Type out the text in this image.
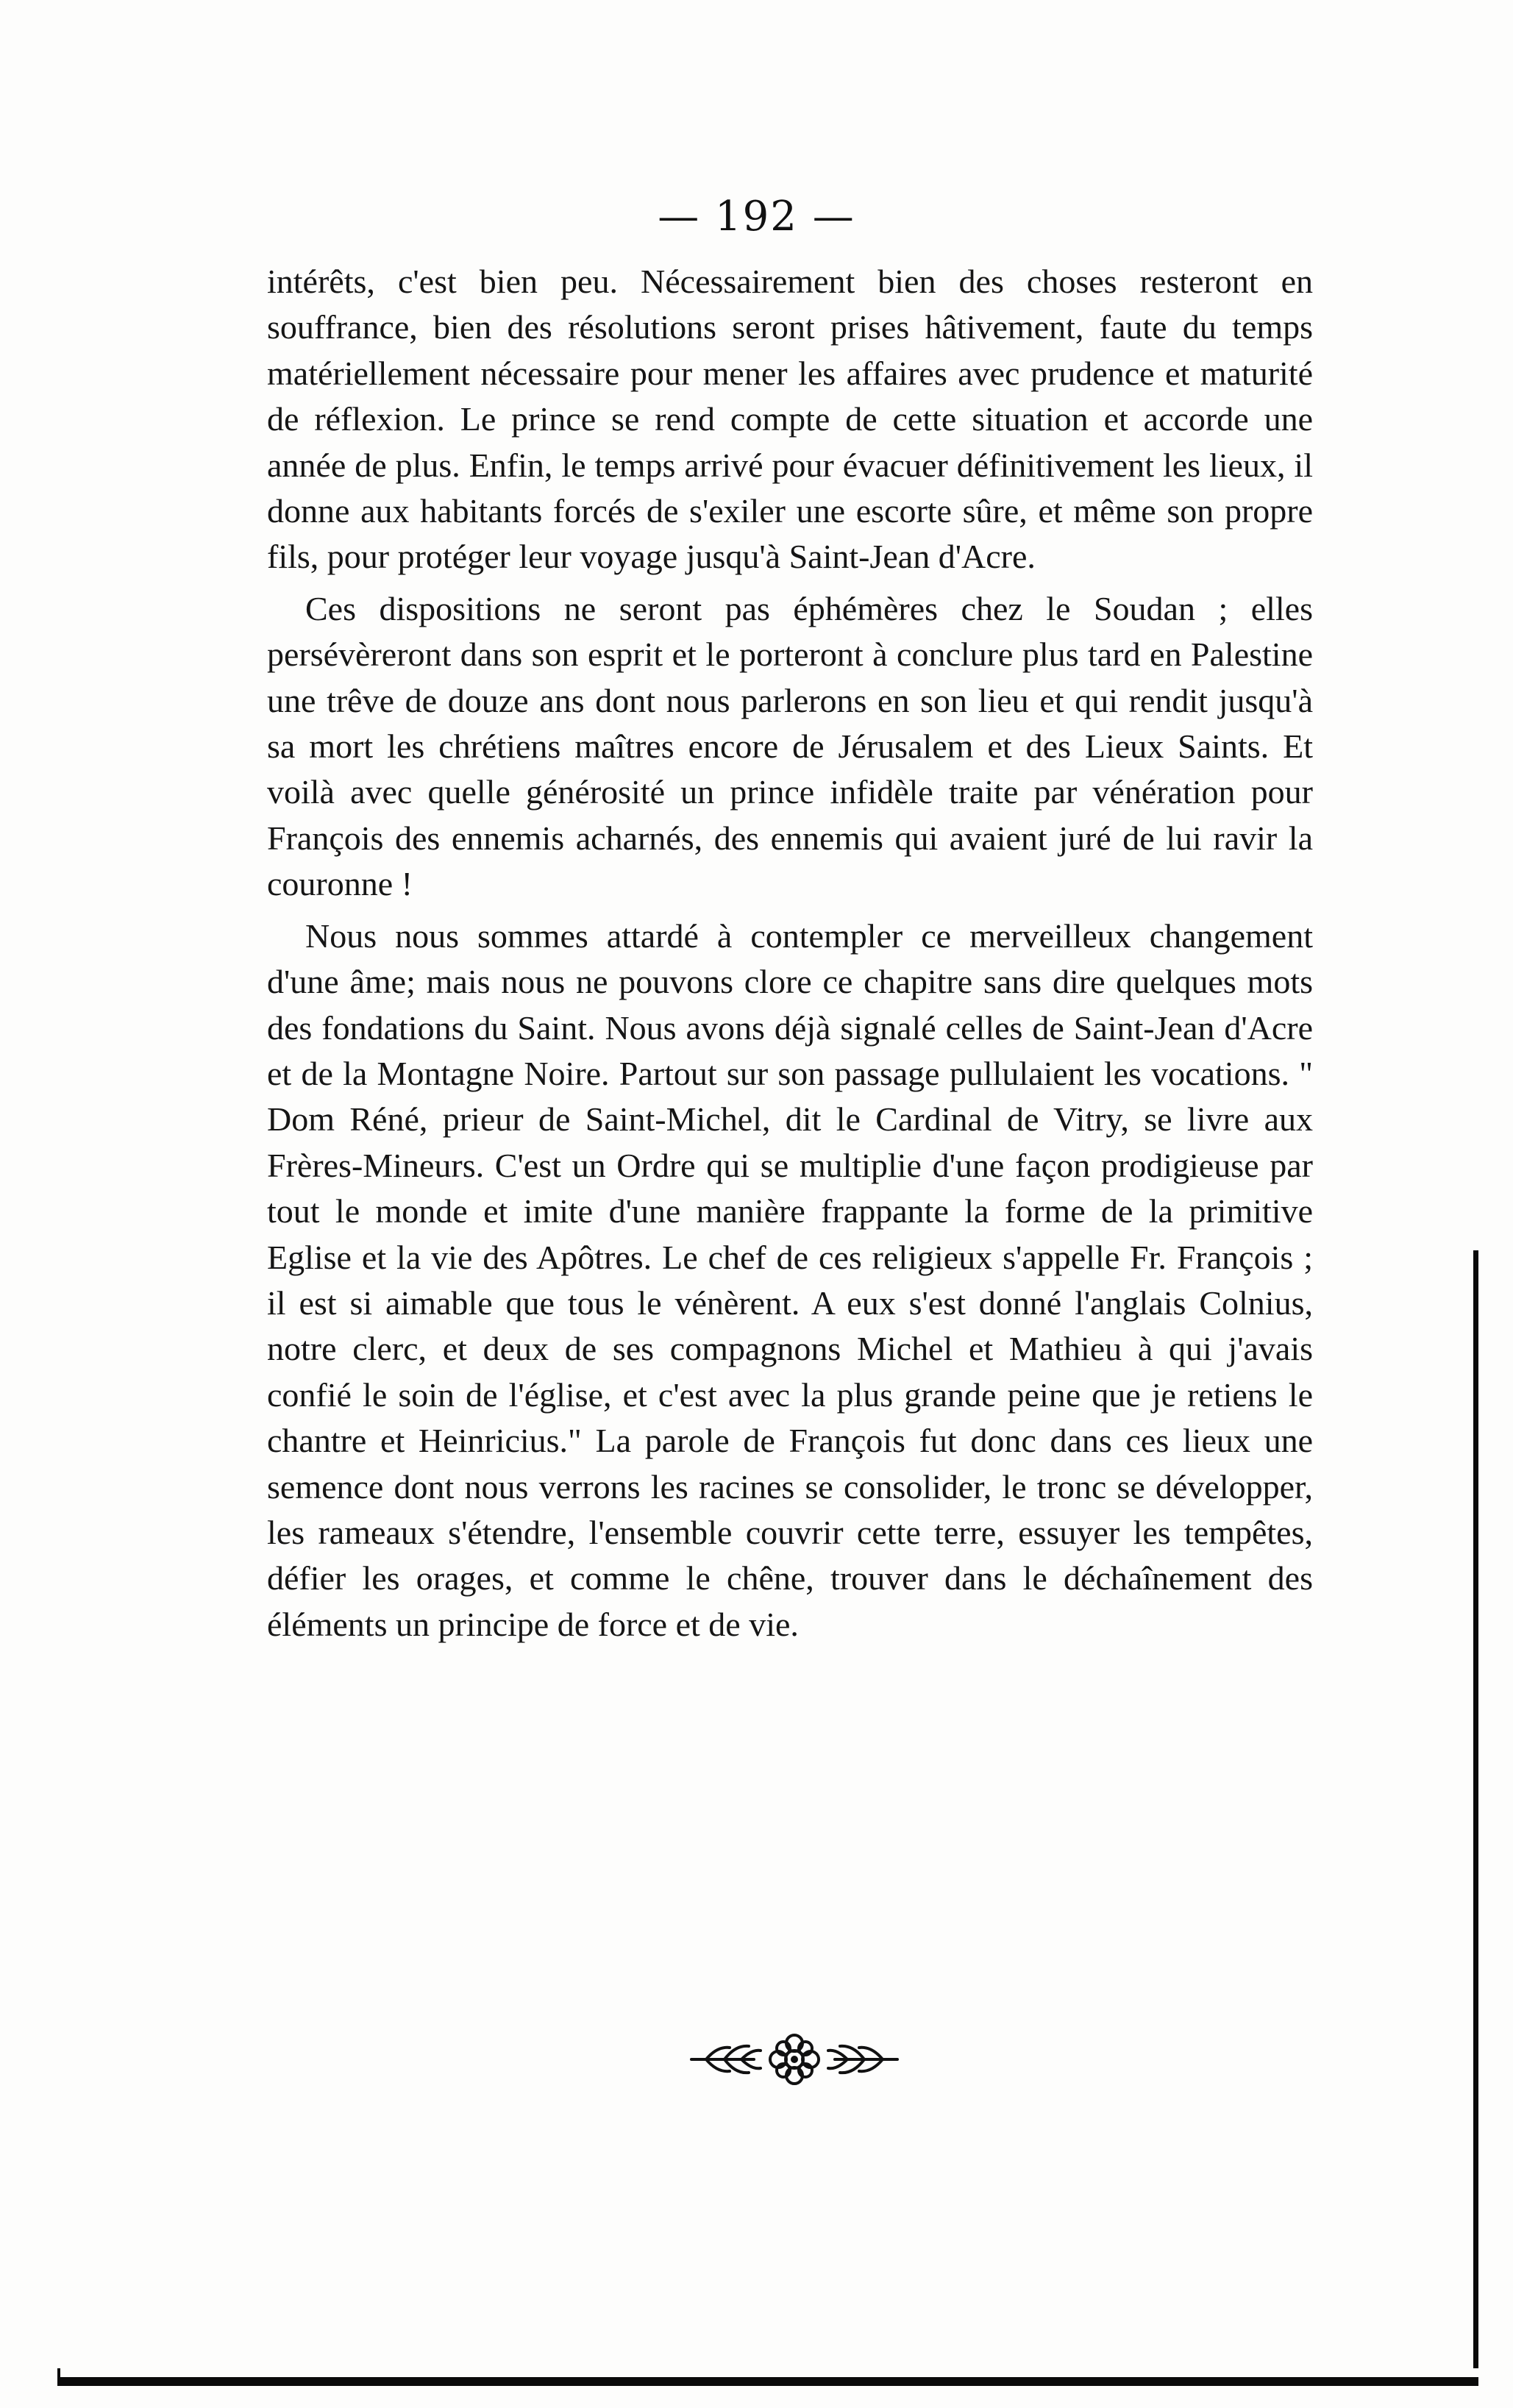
— 192 —

intérêts, c'est bien peu. Nécessairement bien des choses resteront en souffrance, bien des résolutions seront prises hâtivement, faute du temps matériellement nécessaire pour mener les affaires avec prudence et maturité de réflexion. Le prince se rend compte de cette situation et accorde une année de plus. Enfin, le temps arrivé pour évacuer définitivement les lieux, il donne aux habitants forcés de s'exiler une escorte sûre, et même son propre fils, pour protéger leur voyage jusqu'à Saint-Jean d'Acre.

Ces dispositions ne seront pas éphémères chez le Soudan ; elles persévèreront dans son esprit et le porteront à conclure plus tard en Palestine une trêve de douze ans dont nous parlerons en son lieu et qui rendit jusqu'à sa mort les chrétiens maîtres encore de Jérusalem et des Lieux Saints. Et voilà avec quelle générosité un prince infidèle traite par vénération pour François des ennemis acharnés, des ennemis qui avaient juré de lui ravir la couronne !

Nous nous sommes attardé à contempler ce merveilleux changement d'une âme; mais nous ne pouvons clore ce chapitre sans dire quelques mots des fondations du Saint. Nous avons déjà signalé celles de Saint-Jean d'Acre et de la Montagne Noire. Partout sur son passage pullulaient les vocations. " Dom Réné, prieur de Saint-Michel, dit le Cardinal de Vitry, se livre aux Frères-Mineurs. C'est un Ordre qui se multiplie d'une façon prodigieuse par tout le monde et imite d'une manière frappante la forme de la primitive Eglise et la vie des Apôtres. Le chef de ces religieux s'appelle Fr. François ; il est si aimable que tous le vénèrent. A eux s'est donné l'anglais Colnius, notre clerc, et deux de ses compagnons Michel et Mathieu à qui j'avais confié le soin de l'église, et c'est avec la plus grande peine que je retiens le chantre et Heinricius." La parole de François fut donc dans ces lieux une semence dont nous verrons les racines se consolider, le tronc se développer, les rameaux s'étendre, l'ensemble couvrir cette terre, essuyer les tempêtes, défier les orages, et comme le chêne, trouver dans le déchaînement des éléments un principe de force et de vie.
